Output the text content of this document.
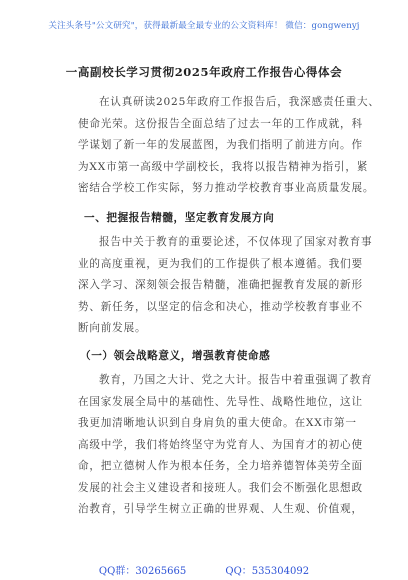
关注头条号"公文研究"，获得最新最全最专业的公文资料库！ 微信：gongwenyj
一高副校长学习贯彻2025年政府工作报告心得体会
在认真研读2025年政府工作报告后，我深感责任重大、
使命光荣。这份报告全面总结了过去一年的工作成就，科
学谋划了新一年的发展蓝图，为我们指明了前进方向。作
为XX市第一高级中学副校长，我将以报告精神为指引，紧
密结合学校工作实际，努力推动学校教育事业高质量发展。
一、把握报告精髓，坚定教育发展方向
报告中关于教育的重要论述，不仅体现了国家对教育事
业的高度重视，更为我们的工作提供了根本遵循。我们要
深入学习、深刻领会报告精髓，准确把握教育发展的新形
势、新任务，以坚定的信念和决心，推动学校教育事业不
断向前发展。
（一）领会战略意义，增强教育使命感
教育，乃国之大计、党之大计。报告中着重强调了教育
在国家发展全局中的基础性、先导性、战略性地位，这让
我更加清晰地认识到自身肩负的重大使命。在XX市第一
高级中学，我们将始终坚守为党育人、为国育才的初心使
命，把立德树人作为根本任务，全力培养德智体美劳全面
发展的社会主义建设者和接班人。我们会不断强化思想政
治教育，引导学生树立正确的世界观、人生观、价值观，
QQ群：30265665	QQ：535304092
